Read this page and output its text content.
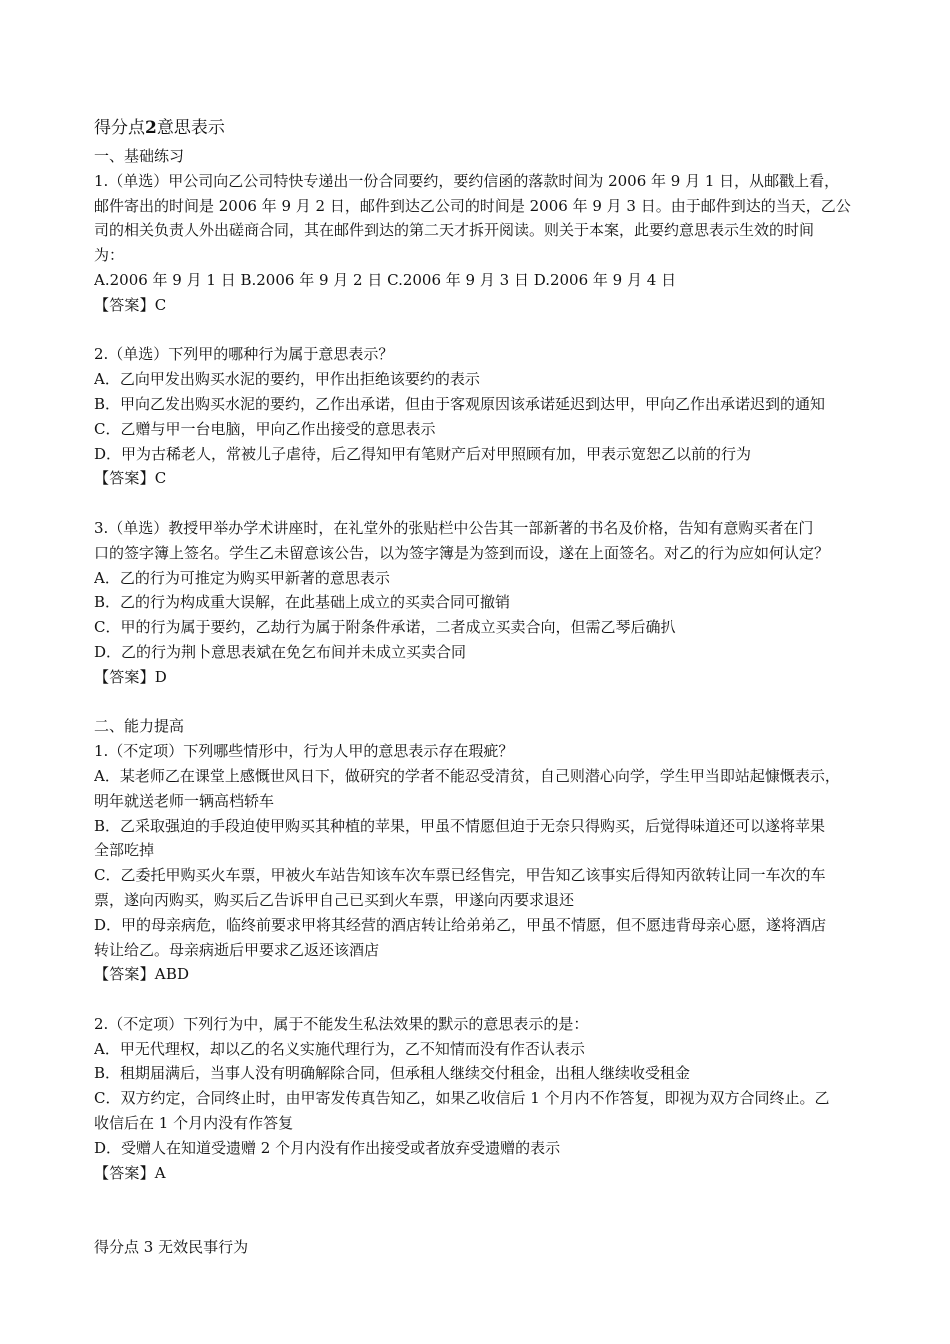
得分点2意思表示
一、基础练习
1.（单选）甲公司向乙公司特快专递出一份合同要约，要约信函的落款时间为 2006 年 9 月 1 日，从邮戳上看，
邮件寄出的时间是 2006 年 9 月 2 日，邮件到达乙公司的时间是 2006 年 9 月 3 日。由于邮件到达的当天，乙公
司的相关负责人外出磋商合同，其在邮件到达的第二天才拆开阅读。则关于本案，此要约意思表示生效的时间
为：
A.2006 年 9 月 1 日 B.2006 年 9 月 2 日 C.2006 年 9 月 3 日 D.2006 年 9 月 4 日
【答案】C
2.（单选）下列甲的哪种行为属于意思表示？
A．乙向甲发出购买水泥的要约，甲作出拒绝该要约的表示
B．甲向乙发出购买水泥的要约，乙作出承诺，但由于客观原因该承诺延迟到达甲，甲向乙作出承诺迟到的通知
C．乙赠与甲一台电脑，甲向乙作出接受的意思表示
D．甲为古稀老人，常被儿子虐待，后乙得知甲有笔财产后对甲照顾有加，甲表示宽恕乙以前的行为
【答案】C
3.（单选）教授甲举办学术讲座时，在礼堂外的张贴栏中公告其一部新著的书名及价格，告知有意购买者在门
口的签字簿上签名。学生乙未留意该公告，以为签字簿是为签到而设，遂在上面签名。对乙的行为应如何认定？
A．乙的行为可推定为购买甲新著的意思表示
B．乙的行为构成重大误解，在此基础上成立的买卖合同可撤销
C．甲的行为属于要约，乙劫行为属于附条件承诺，二者成立买卖合向，但需乙琴后确扒
D．乙的行为荆卜意思表斌在免乞布间并未成立买卖合同
【答案】D
二、能力提高
1.（不定项）下列哪些情形中，行为人甲的意思表示存在瑕疵？
A．某老师乙在课堂上感慨世风日下，做研究的学者不能忍受清贫，自己则潜心向学，学生甲当即站起慷慨表示，
明年就送老师一辆高档轿车
B．乙采取强迫的手段迫使甲购买其种植的苹果，甲虽不情愿但迫于无奈只得购买，后觉得味道还可以遂将苹果
全部吃掉
C．乙委托甲购买火车票，甲被火车站告知该车次车票已经售完，甲告知乙该事实后得知丙欲转让同一车次的车
票，遂向丙购买，购买后乙告诉甲自己已买到火车票，甲遂向丙要求退还
D．甲的母亲病危，临终前要求甲将其经营的酒店转让给弟弟乙，甲虽不情愿，但不愿违背母亲心愿，遂将酒店
转让给乙。母亲病逝后甲要求乙返还该酒店
【答案】ABD
2.（不定项）下列行为中，属于不能发生私法效果的默示的意思表示的是：
A．甲无代理权，却以乙的名义实施代理行为，乙不知情而没有作否认表示
B．租期届满后，当事人没有明确解除合同，但承租人继续交付租金，出租人继续收受租金
C．双方约定，合同终止时，由甲寄发传真告知乙，如果乙收信后 1 个月内不作答复，即视为双方合同终止。乙
收信后在 1 个月内没有作答复
D．受赠人在知道受遗赠 2 个月内没有作出接受或者放弃受遗赠的表示
【答案】A
得分点 3 无效民事行为
